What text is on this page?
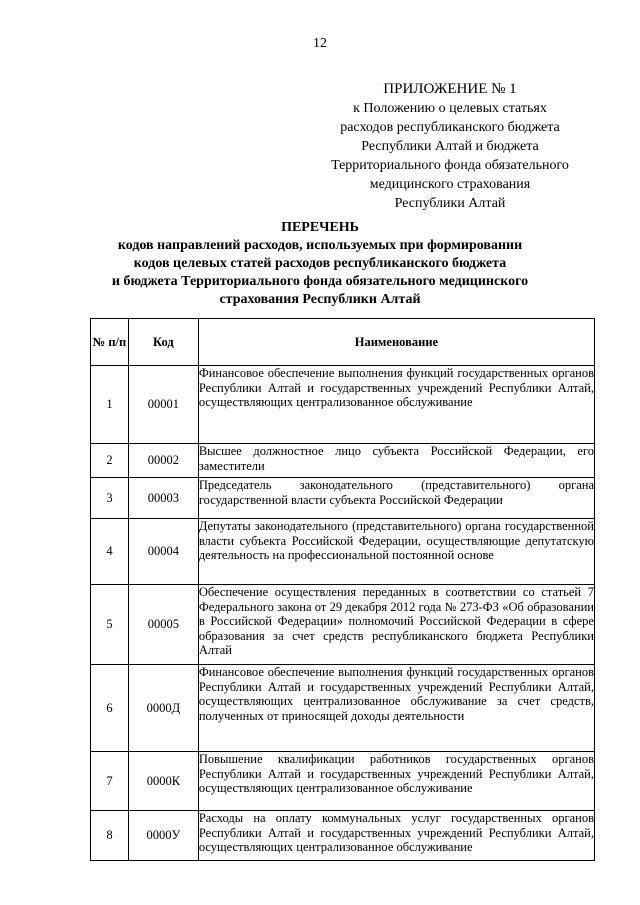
12
ПРИЛОЖЕНИЕ № 1
к Положению о целевых статьях
расходов республиканского бюджета
Республики Алтай и бюджета
Территориального фонда обязательного
медицинского страхования
Республики Алтай
ПЕРЕЧЕНЬ
кодов направлений расходов, используемых при формировании
кодов целевых статей расходов республиканского бюджета
и бюджета Территориального фонда обязательного медицинского
страхования Республики Алтай
№ п/п	Код	Наименование
1	00001	Финансовое обеспечение выполнения функций государственных органов Республики Алтай и государственных учреждений Республики Алтай, осуществляющих централизованное обслуживание
2	00002	Высшее должностное лицо субъекта Российской Федерации, его заместители
3	00003	Председатель законодательного (представительного) органа государственной власти субъекта Российской Федерации
4	00004	Депутаты законодательного (представительного) органа государственной власти субъекта Российской Федерации, осуществляющие депутатскую деятельность на профессиональной постоянной основе
5	00005	Обеспечение осуществления переданных в соответствии со статьей 7 Федерального закона от 29 декабря 2012 года № 273-ФЗ «Об образовании в Российской Федерации» полномочий Российской Федерации в сфере образования за счет средств республиканского бюджета Республики Алтай
6	0000Д	Финансовое обеспечение выполнения функций государственных органов Республики Алтай и государственных учреждений Республики Алтай, осуществляющих централизованное обслуживание за счет средств, полученных от приносящей доходы деятельности
7	0000К	Повышение квалификации работников государственных органов Республики Алтай и государственных учреждений Республики Алтай, осуществляющих централизованное обслуживание
8	0000У	Расходы на оплату коммунальных услуг государственных органов Республики Алтай и государственных учреждений Республики Алтай, осуществляющих централизованное обслуживание
